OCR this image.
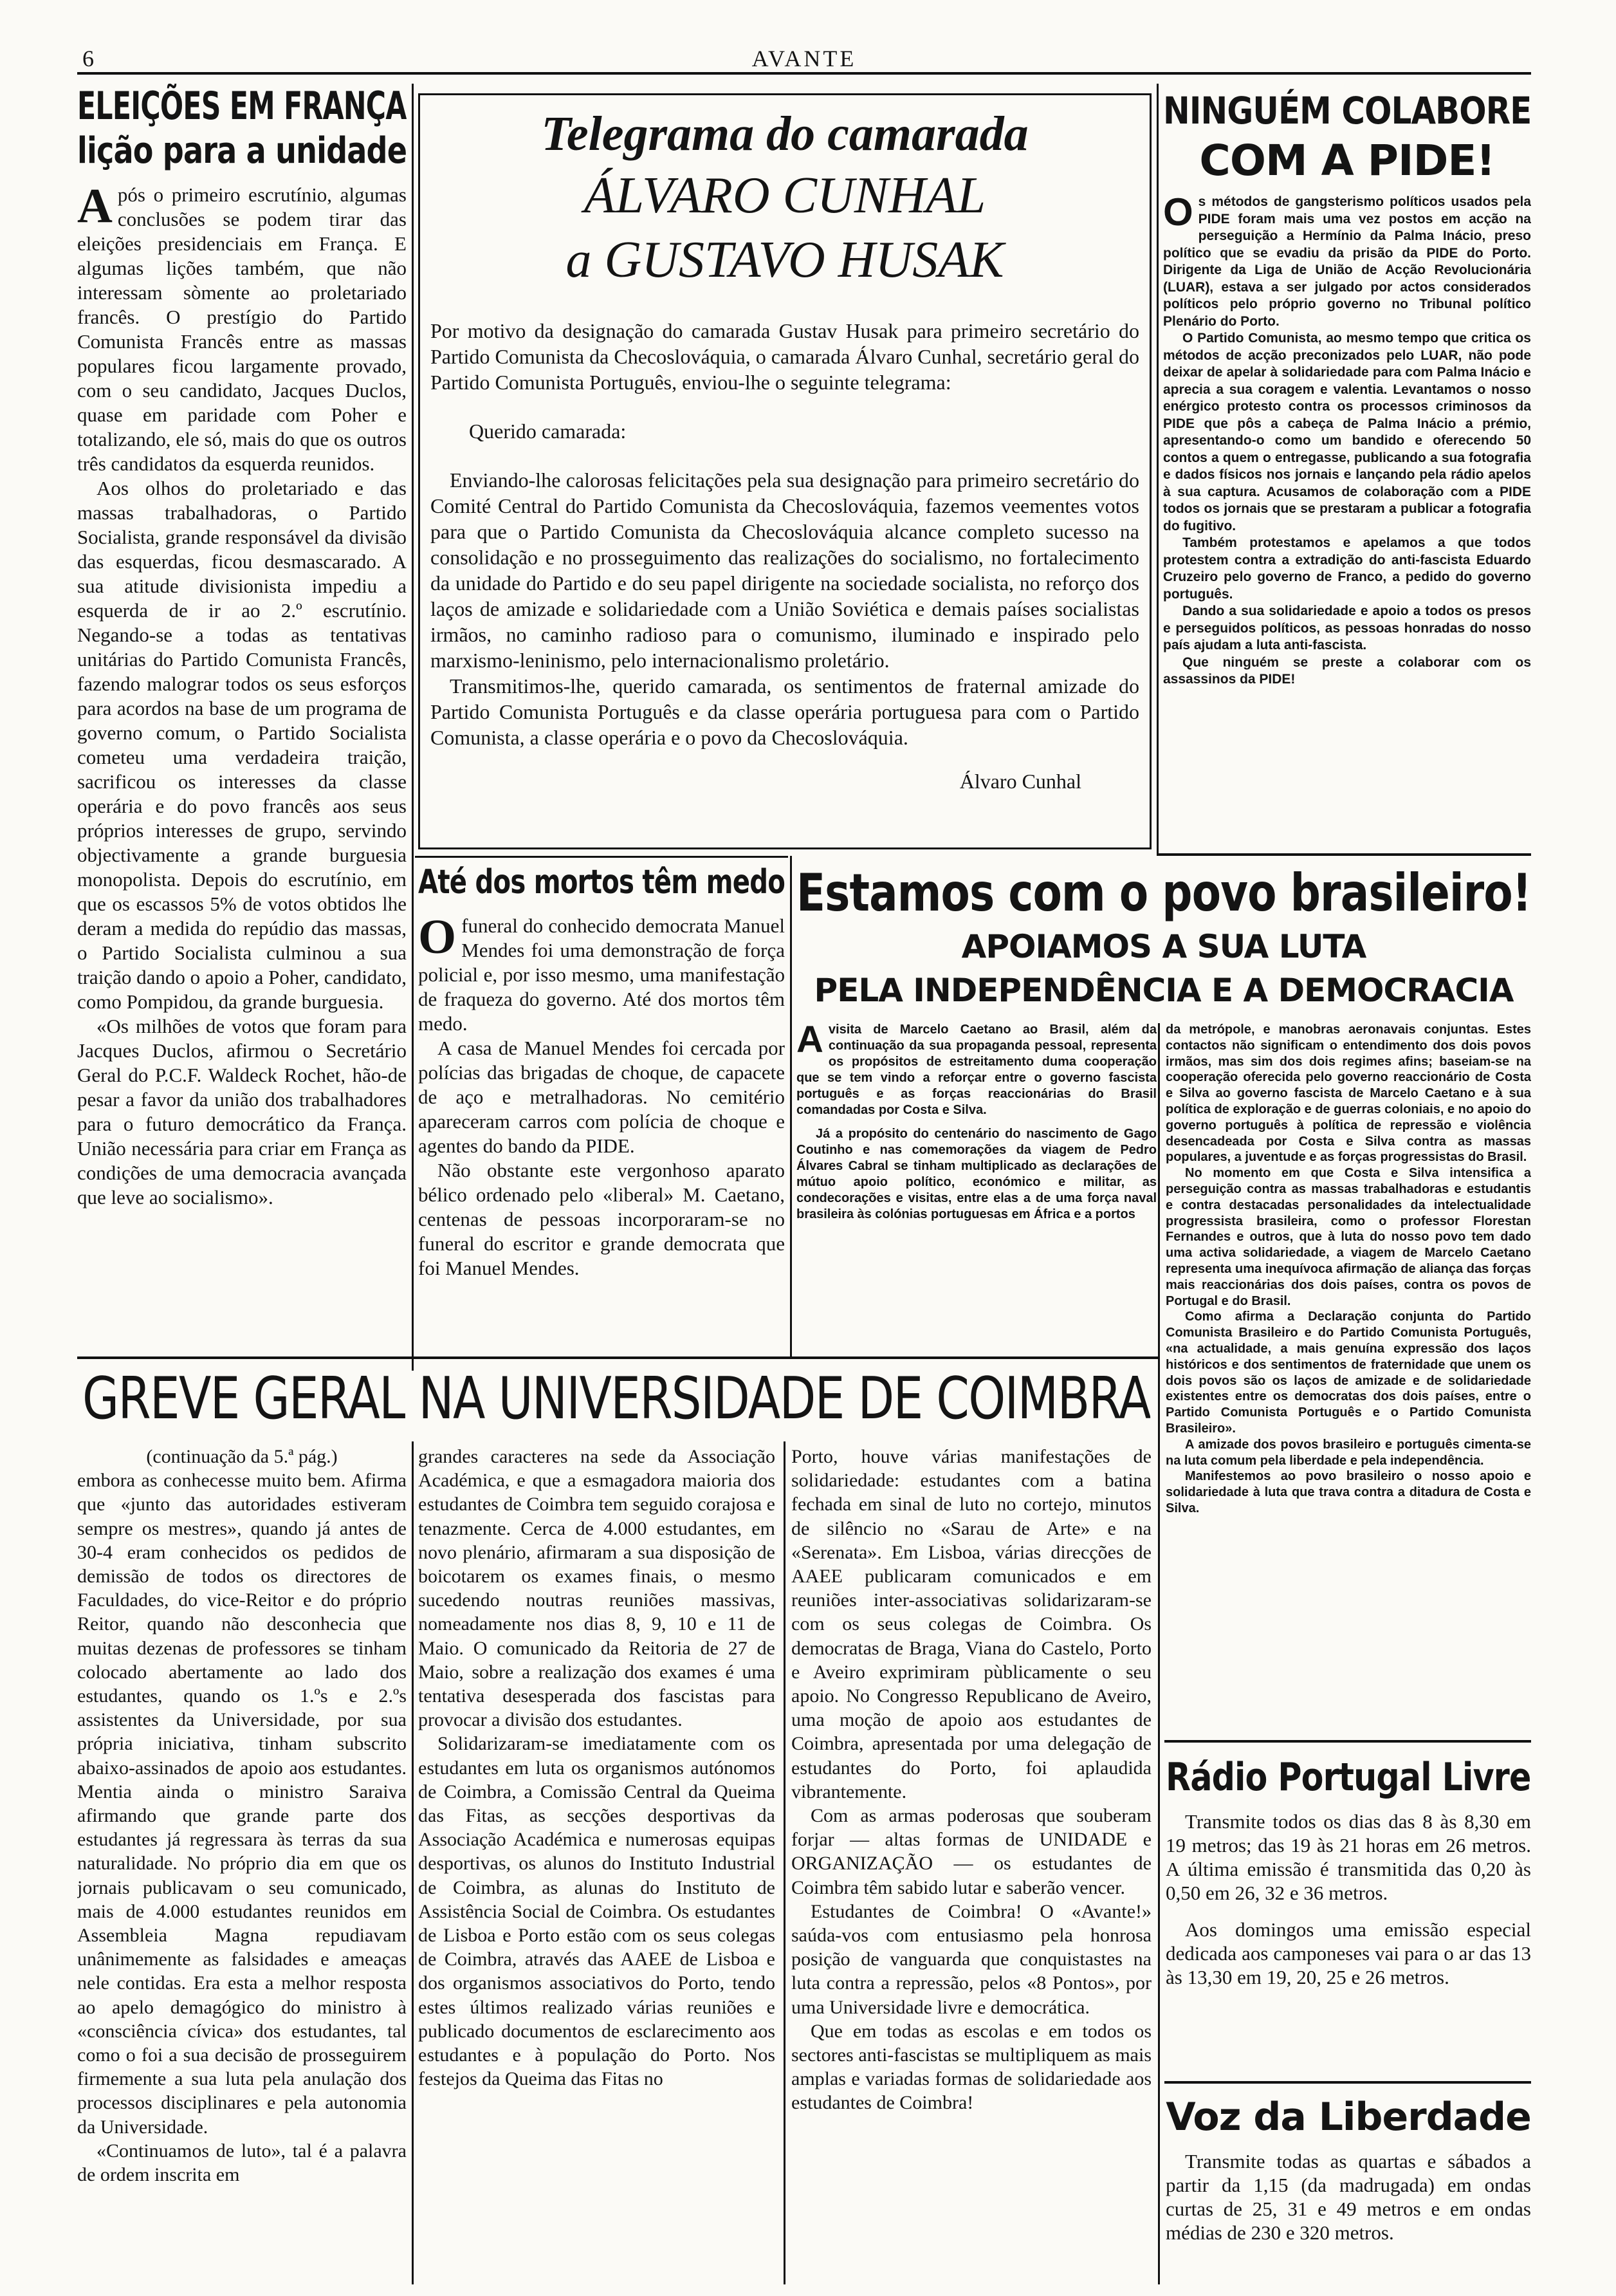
6	AVANTE
ELEIÇÕES EM FRANÇA
lição para a unidade

Após o primeiro escrutínio, algumas conclusões se podem tirar das eleições presidenciais em França. E algumas lições também, que não interessam sòmente ao proletariado francês. O prestígio do Partido Comunista Francês entre as massas populares ficou largamente provado, com o seu candidato, Jacques Duclos, quase em paridade com Poher e totalizando, ele só, mais do que os outros três candidatos da esquerda reunidos.

Aos olhos do proletariado e das massas trabalhadoras, o Partido Socialista, grande responsável da divisão das esquerdas, ficou desmascarado. A sua atitude divisionista impediu a esquerda de ir ao 2.º escrutínio. Negando-se a todas as tentativas unitárias do Partido Comunista Francês, fazendo malograr todos os seus esforços para acordos na base de um programa de governo comum, o Partido Socialista cometeu uma verdadeira traição, sacrificou os interesses da classe operária e do povo francês aos seus próprios interesses de grupo, servindo objectivamente a grande burguesia monopolista. Depois do escrutínio, em que os escassos 5% de votos obtidos lhe deram a medida do repúdio das massas, o Partido Socialista culminou a sua traição dando o apoio a Poher, candidato, como Pompidou, da grande burguesia.

«Os milhões de votos que foram para Jacques Duclos, afirmou o Secretário Geral do P.C.F. Waldeck Rochet, hão-de pesar a favor da união dos trabalhadores para o futuro democrático da França. União necessária para criar em França as condições de uma democracia avançada que leve ao socialismo».

Telegrama do camarada
ÁLVARO CUNHAL
a GUSTAVO HUSAK

Por motivo da designação do camarada Gustav Husak para primeiro secretário do Partido Comunista da Checoslováquia, o camarada Álvaro Cunhal, secretário geral do Partido Comunista Português, enviou-lhe o seguinte telegrama:

Querido camarada:

Enviando-lhe calorosas felicitações pela sua designação para primeiro secretário do Comité Central do Partido Comunista da Checoslováquia, fazemos veementes votos para que o Partido Comunista da Checoslováquia alcance completo sucesso na consolidação e no prosseguimento das realizações do socialismo, no fortalecimento da unidade do Partido e do seu papel dirigente na sociedade socialista, no reforço dos laços de amizade e solidariedade com a União Soviética e demais países socialistas irmãos, no caminho radioso para o comunismo, iluminado e inspirado pelo marxismo-leninismo, pelo internacionalismo proletário.

Transmitimos-lhe, querido camarada, os sentimentos de fraternal amizade do Partido Comunista Português e da classe operária portuguesa para com o Partido Comunista, a classe operária e o povo da Checoslováquia.

Álvaro Cunhal
NINGUÉM COLABORE
COM A PIDE!

Os métodos de gangsterismo políticos usados pela PIDE foram mais uma vez postos em acção na perseguição a Hermínio da Palma Inácio, preso político que se evadiu da prisão da PIDE do Porto. Dirigente da Liga de União de Acção Revolucionária (LUAR), estava a ser julgado por actos considerados políticos pelo próprio governo no Tribunal político Plenário do Porto.

O Partido Comunista, ao mesmo tempo que critica os métodos de acção preconizados pelo LUAR, não pode deixar de apelar à solidariedade para com Palma Inácio e aprecia a sua coragem e valentia. Levantamos o nosso enérgico protesto contra os processos criminosos da PIDE que pôs a cabeça de Palma Inácio a prémio, apresentando-o como um bandido e oferecendo 50 contos a quem o entregasse, publicando a sua fotografia e dados físicos nos jornais e lançando pela rádio apelos à sua captura. Acusamos de colaboração com a PIDE todos os jornais que se prestaram a publicar a fotografia do fugitivo.

Também protestamos e apelamos a que todos protestem contra a extradição do anti-fascista Eduardo Cruzeiro pelo governo de Franco, a pedido do governo português.

Dando a sua solidariedade e apoio a todos os presos e perseguidos políticos, as pessoas honradas do nosso país ajudam a luta anti-fascista.

Que ninguém se preste a colaborar com os assassinos da PIDE!

Até dos mortos têm medo

Ofuneral do conhecido democrata Manuel Mendes foi uma demonstração de força policial e, por isso mesmo, uma manifestação de fraqueza do governo. Até dos mortos têm medo.

A casa de Manuel Mendes foi cercada por polícias das brigadas de choque, de capacete de aço e metralhadoras. No cemitério apareceram carros com polícia de choque e agentes do bando da PIDE.

Não obstante este vergonhoso aparato bélico ordenado pelo «liberal» M. Caetano, centenas de pessoas incorporaram-se no funeral do escritor e grande democrata que foi Manuel Mendes.

Estamos com o povo brasileiro!
APOIAMOS A SUA LUTA
PELA INDEPENDÊNCIA E A DEMOCRACIA

Avisita de Marcelo Caetano ao Brasil, além da continuação da sua propaganda pessoal, representa os propósitos de estreitamento duma cooperação que se tem vindo a reforçar entre o governo fascista português e as forças reaccionárias do Brasil comandadas por Costa e Silva.

Já a propósito do centenário do nascimento de Gago Coutinho e nas comemorações da viagem de Pedro Álvares Cabral se tinham multiplicado as declarações de mútuo apoio político, económico e militar, as condecorações e visitas, entre elas a de uma força naval brasileira às colónias portuguesas em África e a portos

da metrópole, e manobras aeronavais conjuntas. Estes contactos não significam o entendimento dos dois povos irmãos, mas sim dos dois regimes afins; baseiam-se na cooperação oferecida pelo governo reaccionário de Costa e Silva ao governo fascista de Marcelo Caetano e à sua política de exploração e de guerras coloniais, e no apoio do governo português à política de repressão e violência desencadeada por Costa e Silva contra as massas populares, a juventude e as forças progressistas do Brasil.

No momento em que Costa e Silva intensifica a perseguição contra as massas trabalhadoras e estudantis e contra destacadas personalidades da intelectualidade progressista brasileira, como o professor Florestan Fernandes e outros, que à luta do nosso povo tem dado uma activa solidariedade, a viagem de Marcelo Caetano representa uma inequívoca afirmação de aliança das forças mais reaccionárias dos dois países, contra os povos de Portugal e do Brasil.

Como afirma a Declaração conjunta do Partido Comunista Brasileiro e do Partido Comunista Português, «na actualidade, a mais genuína expressão dos laços históricos e dos sentimentos de fraternidade que unem os dois povos são os laços de amizade e de solidariedade existentes entre os democratas dos dois países, entre o Partido Comunista Português e o Partido Comunista Brasileiro».

A amizade dos povos brasileiro e português cimenta-se na luta comum pela liberdade e pela independência.

Manifestemos ao povo brasileiro o nosso apoio e solidariedade à luta que trava contra a ditadura de Costa e Silva.

GREVE GERAL NA UNIVERSIDADE DE COIMBRA

(continuação da 5.ª pág.)

embora as conhecesse muito bem. Afirma que «junto das autoridades estiveram sempre os mestres», quando já antes de 30-4 eram conhecidos os pedidos de demissão de todos os directores de Faculdades, do vice-Reitor e do próprio Reitor, quando não desconhecia que muitas dezenas de professores se tinham colocado abertamente ao lado dos estudantes, quando os 1.ºs e 2.ºs assistentes da Universidade, por sua própria iniciativa, tinham subscrito abaixo-assinados de apoio aos estudantes. Mentia ainda o ministro Saraiva afirmando que grande parte dos estudantes já regressara às terras da sua naturalidade. No próprio dia em que os jornais publicavam o seu comunicado, mais de 4.000 estudantes reunidos em Assembleia Magna repudiavam unânimemente as falsidades e ameaças nele contidas. Era esta a melhor resposta ao apelo demagógico do ministro à «consciência cívica» dos estudantes, tal como o foi a sua decisão de prosseguirem firmemente a sua luta pela anulação dos processos disciplinares e pela autonomia da Universidade.

«Continuamos de luto», tal é a palavra de ordem inscrita em

grandes caracteres na sede da Associação Académica, e que a esmagadora maioria dos estudantes de Coimbra tem seguido corajosa e tenazmente. Cerca de 4.000 estudantes, em novo plenário, afirmaram a sua disposição de boicotarem os exames finais, o mesmo sucedendo noutras reuniões massivas, nomeadamente nos dias 8, 9, 10 e 11 de Maio. O comunicado da Reitoria de 27 de Maio, sobre a realização dos exames é uma tentativa desesperada dos fascistas para provocar a divisão dos estudantes.

Solidarizaram-se imediatamente com os estudantes em luta os organismos autónomos de Coimbra, a Comissão Central da Queima das Fitas, as secções desportivas da Associação Académica e numerosas equipas desportivas, os alunos do Instituto Industrial de Coimbra, as alunas do Instituto de Assistência Social de Coimbra. Os estudantes de Lisboa e Porto estão com os seus colegas de Coimbra, através das AAEE de Lisboa e dos organismos associativos do Porto, tendo estes últimos realizado várias reuniões e publicado documentos de esclarecimento aos estudantes e à população do Porto. Nos festejos da Queima das Fitas no

Porto, houve várias manifestações de solidariedade: estudantes com a batina fechada em sinal de luto no cortejo, minutos de silêncio no «Sarau de Arte» e na «Serenata». Em Lisboa, várias direcções de AAEE publicaram comunicados e em reuniões inter-associativas solidarizaram-se com os seus colegas de Coimbra. Os democratas de Braga, Viana do Castelo, Porto e Aveiro exprimiram pùblicamente o seu apoio. No Congresso Republicano de Aveiro, uma moção de apoio aos estudantes de Coimbra, apresentada por uma delegação de estudantes do Porto, foi aplaudida vibrantemente.

Com as armas poderosas que souberam forjar — altas formas de UNIDADE e ORGANIZAÇÃO — os estudantes de Coimbra têm sabido lutar e saberão vencer.

Estudantes de Coimbra! O «Avante!» saúda-vos com entusiasmo pela honrosa posição de vanguarda que conquistastes na luta contra a repressão, pelos «8 Pontos», por uma Universidade livre e democrática.

Que em todas as escolas e em todos os sectores anti-fascistas se multipliquem as mais amplas e variadas formas de solidariedade aos estudantes de Coimbra!

Rádio Portugal Livre

Transmite todos os dias das 8 às 8,30 em 19 metros; das 19 às 21 horas em 26 metros. A última emissão é transmitida das 0,20 às 0,50 em 26, 32 e 36 metros.

Aos domingos uma emissão especial dedicada aos camponeses vai para o ar das 13 às 13,30 em 19, 20, 25 e 26 metros.

Voz da Liberdade

Transmite todas as quartas e sábados a partir da 1,15 (da madrugada) em ondas curtas de 25, 31 e 49 metros e em ondas médias de 230 e 320 metros.
